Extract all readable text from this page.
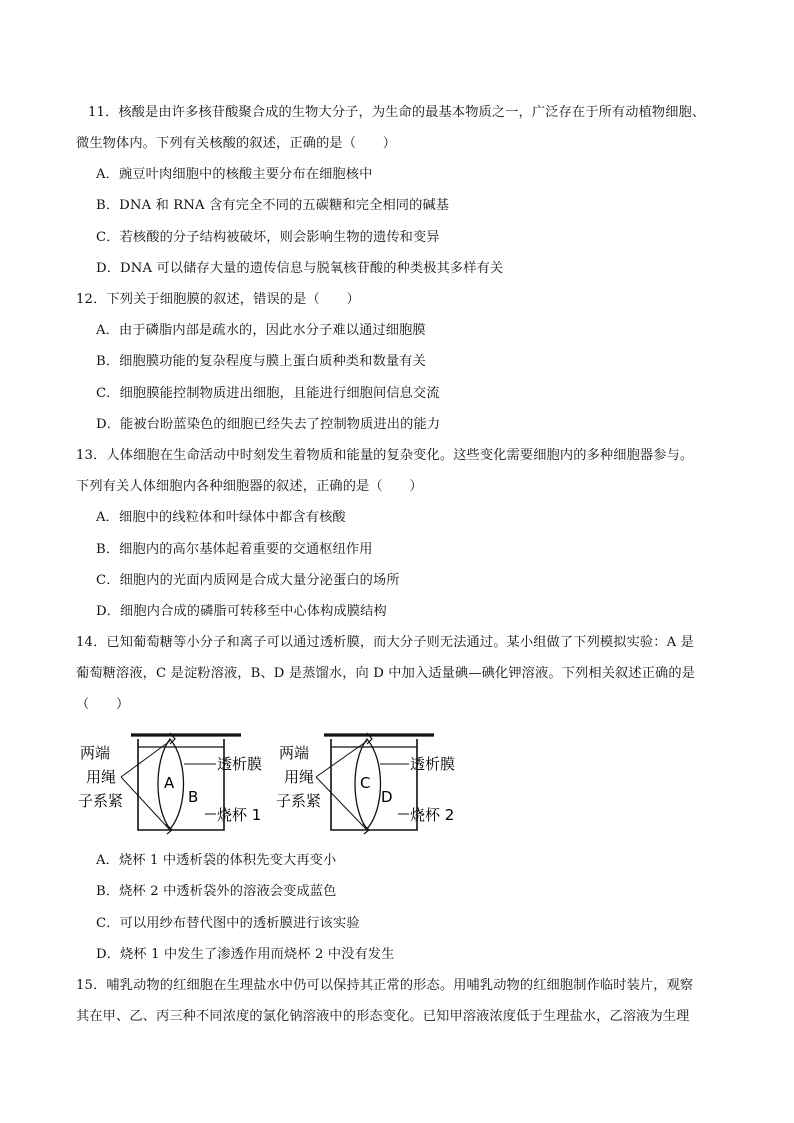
11．核酸是由许多核苷酸聚合成的生物大分子，为生命的最基本物质之一，广泛存在于所有动植物细胞、
微生物体内。下列有关核酸的叙述，正确的是（　　）
A．豌豆叶肉细胞中的核酸主要分布在细胞核中
B．DNA 和 RNA 含有完全不同的五碳糖和完全相同的碱基
C．若核酸的分子结构被破坏，则会影响生物的遗传和变异
D．DNA 可以储存大量的遗传信息与脱氧核苷酸的种类极其多样有关
12．下列关于细胞膜的叙述，错误的是（　　）
A．由于磷脂内部是疏水的，因此水分子难以通过细胞膜
B．细胞膜功能的复杂程度与膜上蛋白质种类和数量有关
C．细胞膜能控制物质进出细胞，且能进行细胞间信息交流
D．能被台盼蓝染色的细胞已经失去了控制物质进出的能力
13．人体细胞在生命活动中时刻发生着物质和能量的复杂变化。这些变化需要细胞内的多种细胞器参与。
下列有关人体细胞内各种细胞器的叙述，正确的是（　　）
A．细胞中的线粒体和叶绿体中都含有核酸
B．细胞内的高尔基体起着重要的交通枢纽作用
C．细胞内的光面内质网是合成大量分泌蛋白的场所
D．细胞内合成的磷脂可转移至中心体构成膜结构
14．已知葡萄糖等小分子和离子可以通过透析膜，而大分子则无法通过。某小组做了下列模拟实验：A 是
葡萄糖溶液，C 是淀粉溶液，B、D 是蒸馏水，向 D 中加入适量碘—碘化钾溶液。下列相关叙述正确的是
（　　）
两端
用绳
子系紧
A
B
透析膜
烧杯 1
两端
用绳
子系紧
C
D
透析膜
烧杯 2
A．烧杯 1 中透析袋的体积先变大再变小
B．烧杯 2 中透析袋外的溶液会变成蓝色
C．可以用纱布替代图中的透析膜进行该实验
D．烧杯 1 中发生了渗透作用而烧杯 2 中没有发生
15．哺乳动物的红细胞在生理盐水中仍可以保持其正常的形态。用哺乳动物的红细胞制作临时装片，观察
其在甲、乙、丙三种不同浓度的氯化钠溶液中的形态变化。已知甲溶液浓度低于生理盐水，乙溶液为生理
